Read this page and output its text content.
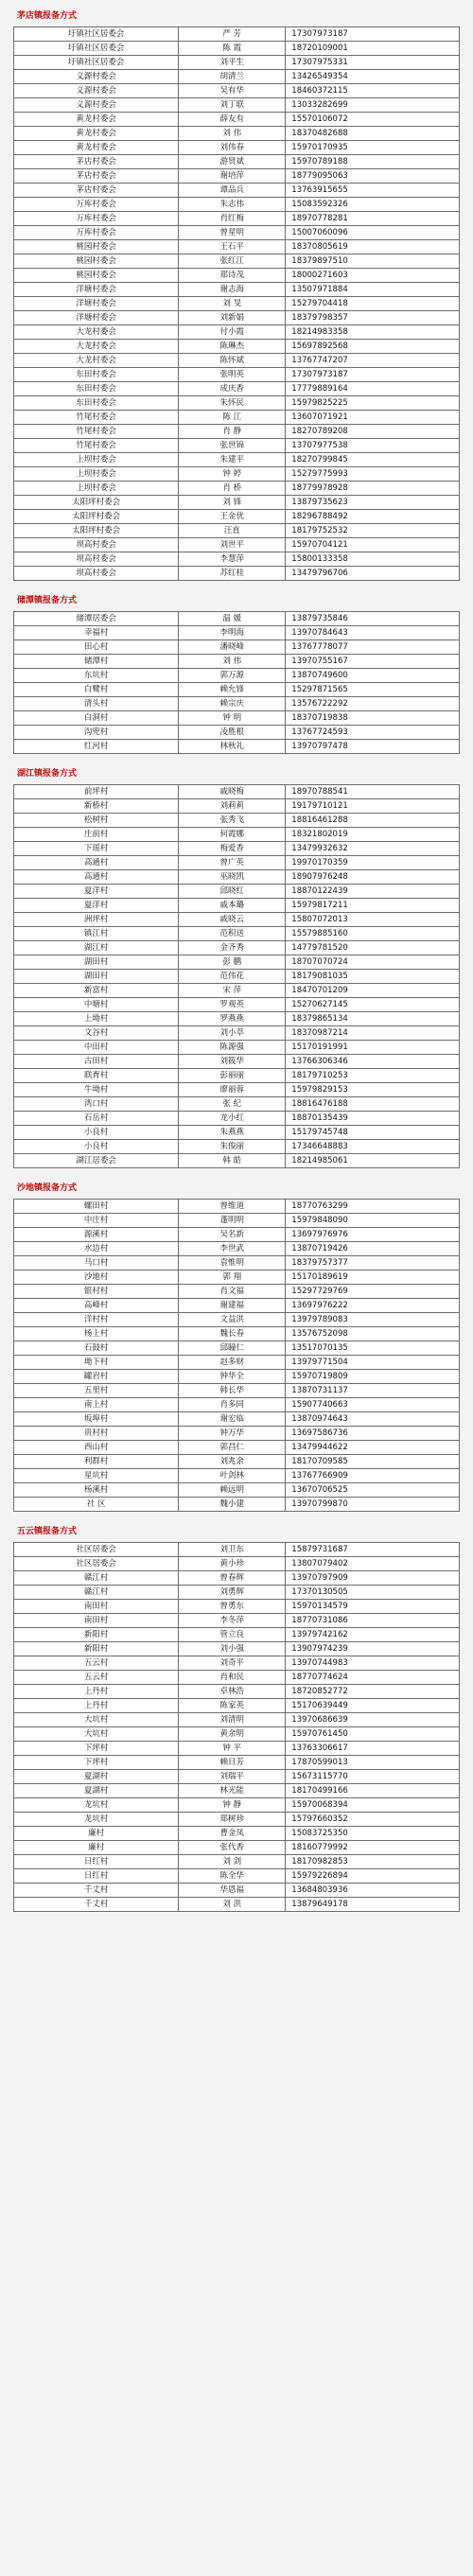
茅店镇报备方式
圩镇社区居委会	严 芳	17307973187
圩镇社区居委会	陈 霞	18720109001
圩镇社区居委会	刘平生	17307975331
义源村委会	胡清兰	13426549354
义源村委会	吴有华	18460372115
义源村委会	刘丁联	13033282699
黄龙村委会	薛友有	15570106072
黄龙村委会	刘 伟	18370482688
黄龙村委会	刘伟春	15970170935
茅店村委会	游贤斌	15970789188
茅店村委会	谢培萍	18779095063
茅店村委会	谭品兵	13763915655
万库村委会	朱志伟	15083592326
万库村委会	肖红梅	18970778281
万库村委会	曾星明	15007060096
桃园村委会	王石平	18370805619
桃园村委会	张红江	18379897510
桃园村委会	郑诗茂	18000271603
洋塘村委会	谢志海	13507971884
洋塘村委会	刘 旻	15279704418
洋塘村委会	刘新娟	18379798357
大龙村委会	付小霞	18214983358
大龙村委会	陈琳杰	15697892568
大龙村委会	陈怀斌	13767747207
东田村委会	张明英	17307973187
东田村委会	成庆香	17779889164
东田村委会	朱怀民	15979825225
竹尾村委会	陈 江	13607071921
竹尾村委会	肖 静	18270789208
竹尾村委会	张世锦	13707977538
上坝村委会	朱建平	18270799845
上坝村委会	钟 婷	15279775993
上坝村委会	肖 桥	18779978928
太阳坪村委会	刘 锋	13879735623
太阳坪村委会	王金优	18296788492
太阳坪村委会	汪直	18179752532
坝高村委会	刘世平	15970704121
坝高村委会	李慧萍	15800133358
坝高村委会	苏红桂	13479796706
储潭镇报备方式
储潭居委会	温 媛	13879735846
幸福村	李明海	13970784643
田心村	潘晓峰	13767778077
储潭村	刘 伟	13970755167
东坑村	郭万源	13870749600
白鹭村	赖允锋	15297871565
清头村	赖宗庆	13576722292
白洞村	钟 明	18370719838
沟兜村	凌胜根	13767724593
红河村	林秋礼	13970797478
湖江镇报备方式
前坪村	戚晓梅	18970788541
新桥村	刘莉莉	19179710121
松树村	张秀飞	18816461288
庄前村	何霞娜	18321802019
下瑶村	梅爱香	13479932632
高通村	曾广英	19970170359
高通村	巫晓凯	18907976248
夏洋村	邱晓红	18870122439
夏洋村	戚本璐	15979817211
洲坪村	戚晓云	15807072013
镇江村	范积送	15579885160
湖江村	金齐秀	14779781520
湖田村	彭 鹏	18707070724
湖田村	范伟花	18179081035
新富村	宋 萍	18470701209
中塘村	罗观英	15270627145
上坳村	罗燕燕	18379865134
文谷村	刘小萃	18370987214
中田村	陈源强	15170191991
古田村	刘筱华	13766306346
联育村	彭丽丽	18179710253
牛坳村	廖丽蓉	15979829153
湾口村	张 纪	18816476188
石岳村	龙小红	18870135439
小良村	朱燕燕	15179745748
小良村	朱俊丽	17346648883
湖江居委会	韩 皓	18214985061
沙地镇报备方式
螺田村	曾维道	18770763299
中庄村	蓬明明	15979848090
源溪村	吴名新	13697976976
水边村	李世武	13870719426
马口村	袁惟明	18379757377
沙地村	郭 翔	15170189619
银村村	肖文福	15297729769
高峰村	谢建福	13697976222
洋村村	文益洪	13979789083
杨上村	魏长春	13576752098
石鼓村	邱瞳仁	13517070135
坳下村	赵多财	13979771504
罐岩村	钟华全	15970719809
五里村	韩长华	13870731137
南上村	肖多同	15907740663
坂埠村	谢宏临	13870974643
贵村村	钟万华	13697586736
西山村	郭昌仁	13479944622
利群村	刘兆余	18170709585
星坑村	叶剑林	13767766909
杨溪村	赖远明	13670706525
社 区	魏小建	13970799870
五云镇报备方式
社区居委会	刘卫东	15879731687
社区居委会	黄小珍	13807079402
赣江村	曾春辉	13970797909
赣江村	刘勇辉	17370130505
南田村	曾勇东	15970134579
南田村	李冬萍	18770731086
新阳村	管立良	13979742162
新阳村	刘小强	13907974239
五云村	刘奇平	13970744983
五云村	肖和民	18770774624
上丹村	卓林浩	18720852772
上丹村	陈家英	15170639449
大坑村	刘清明	13970686639
大坑村	黄余明	15970761450
下坪村	钟 平	13763306617
下坪村	赖日芳	17870599013
夏湖村	刘瑞平	15673115770
夏湖村	林光能	18170499166
龙坑村	钟 静	15970068394
龙坑村	郑树珍	15797660352
廉村	曹金凤	15083725350
廉村	张代香	18160779992
日红村	刘 剑	18170982853
日红村	陈全华	15979226894
千丈村	华恩福	13684803936
千丈村	刘 洪	13879649178
